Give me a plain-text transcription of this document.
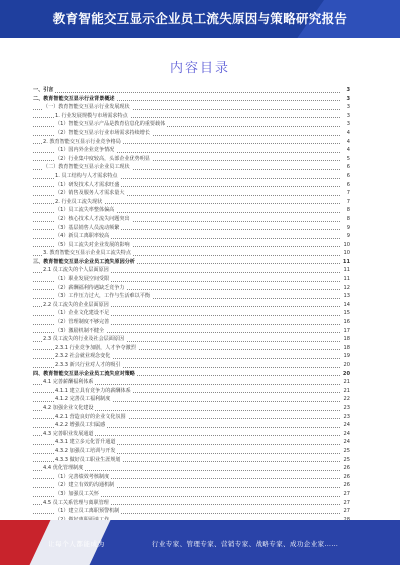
教育智能交互显示企业员工流失原因与策略研究报告
内容目录
一、引言	3
二、教育智能交互显示行业背景概述	3
（一）教育智能交互显示行业发展现状	3
1. 行业发展规模与市场需求特点	3
（1）智能交互显示产品是教育信息化的重要载体	3
（2）智能交互显示行业市场需求持续增长	4
2. 教育智能交互显示行业竞争格局	4
（1）国内外企业竞争情况	4
（2）行业集中度较高，头部企业优势明显	5
（二）教育智能交互显示企业员工现状	6
1. 员工结构与人才需求特点	6
（1）研发技术人才需求旺盛	6
（2）销售及服务人才需求量大	7
2. 行业员工流失现状	7
（1）员工流失率整体偏高	8
（2）核心技术人才流失问题突出	8
（3）基层销售人员流动频繁	9
（4）新员工离职率较高	9
（5）员工流失对企业发展的影响	10
3. 教育智能交互显示企业员工流失特点	10
三、教育智能交互显示企业员工流失原因分析	11
2.1 员工流失的个人层面原因	11
（1）职业发展空间受限	11
（2）薪酬福利待遇缺乏竞争力	12
（3）工作压力过大，工作与生活难以平衡	13
2.2 员工流失的企业层面原因	14
（1）企业文化建设不足	15
（2）管理制度不够完善	16
（3）激励机制不健全	17
2.3 员工流失的行业及社会层面原因	18
2.3.1 行业竞争加剧，人才争夺激烈	18
2.3.2 社会就业观念变化	19
2.3.3 新兴行业对人才的吸引	20
四、教育智能交互显示企业员工流失应对策略	20
4.1 完善薪酬福利体系	21
4.1.1 建立具有竞争力的薪酬体系	21
4.1.2 完善员工福利制度	22
4.2 加强企业文化建设	23
4.2.1 营造良好的企业文化氛围	23
4.2.2 增强员工归属感	24
4.3 完善职业发展通道	24
4.3.1 建立多元化晋升通道	24
4.3.2 加强员工培训与开发	25
4.3.3 做好员工职业生涯规划	25
4.4 优化管理制度	26
（1）完善绩效考核制度	26
（2）建立有效的沟通机制	26
（3）加强员工关怀	27
4.5 员工关系管理与离职管理	27
（1）建立员工离职预警机制	27
让每个人都能成为	行业专家、管理专家、营销专家、战略专家、成功企业家……
